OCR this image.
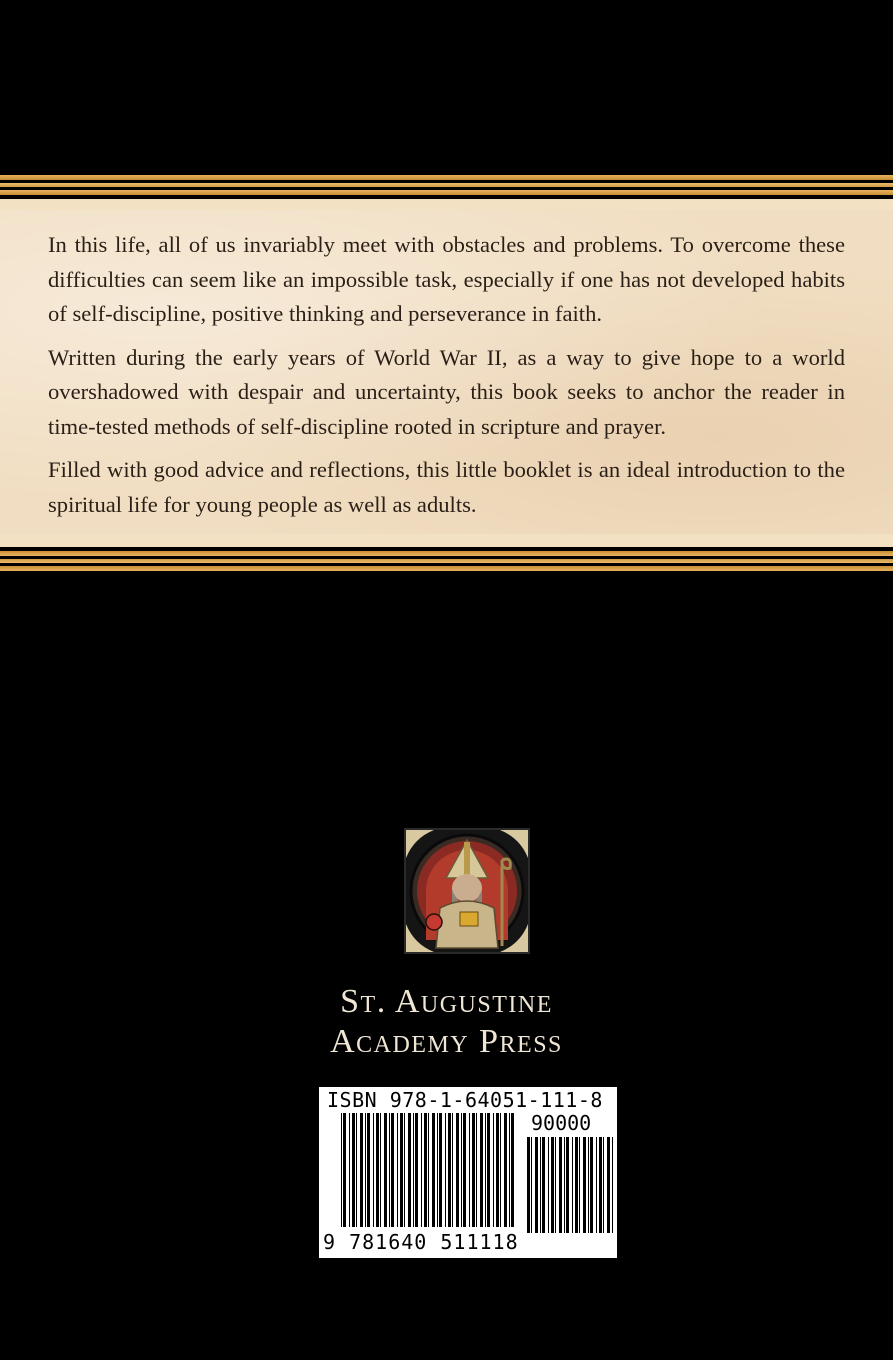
In this life, all of us invariably meet with obstacles and problems. To overcome these difficulties can seem like an impossible task, especially if one has not developed habits of self-discipline, positive thinking and perseverance in faith.

Written during the early years of World War II, as a way to give hope to a world overshadowed with despair and uncertainty, this book seeks to anchor the reader in time-tested methods of self-discipline rooted in scripture and prayer.

Filled with good advice and reflections, this little booklet is an ideal introduction to the spiritual life for young people as well as adults.

St. Augustine
Academy Press
ISBN 978-1-64051-111-8
90000
9 781640 511118
